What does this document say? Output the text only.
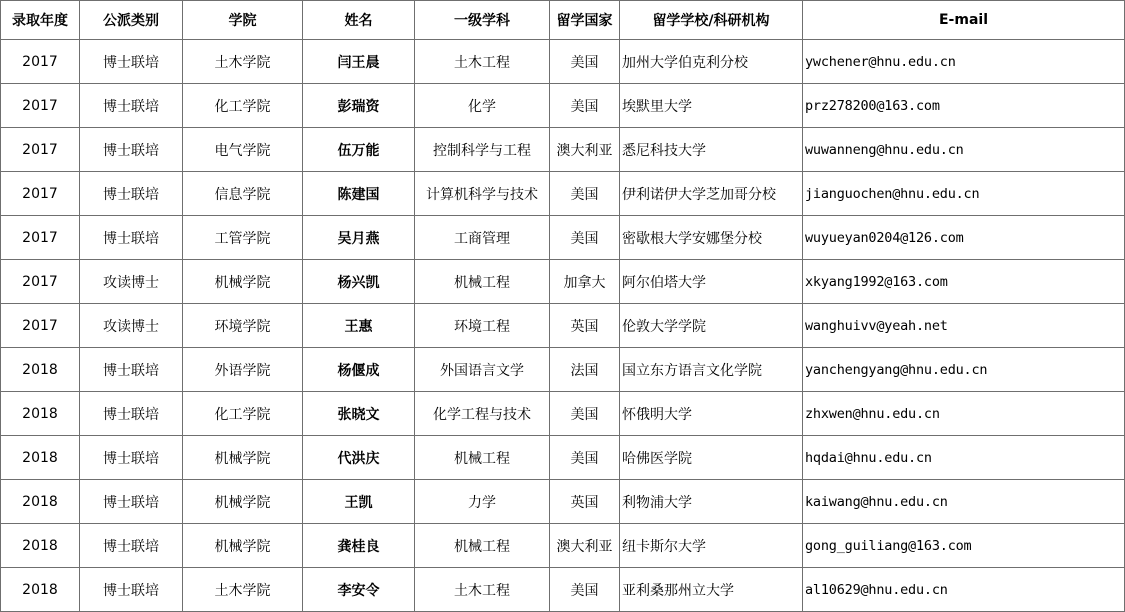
录取年度	公派类别	学院	姓名	一级学科	留学国家	留学学校/科研机构	E-mail
2017	博士联培	土木学院	闫王晨	土木工程	美国	加州大学伯克利分校	ywchener@hnu.edu.cn
2017	博士联培	化工学院	彭瑞资	化学	美国	埃默里大学	prz278200@163.com
2017	博士联培	电气学院	伍万能	控制科学与工程	澳大利亚	悉尼科技大学	wuwanneng@hnu.edu.cn
2017	博士联培	信息学院	陈建国	计算机科学与技术	美国	伊利诺伊大学芝加哥分校	jianguochen@hnu.edu.cn
2017	博士联培	工管学院	吴月燕	工商管理	美国	密歇根大学安娜堡分校	wuyueyan0204@126.com
2017	攻读博士	机械学院	杨兴凯	机械工程	加拿大	阿尔伯塔大学	xkyang1992@163.com
2017	攻读博士	环境学院	王惠	环境工程	英国	伦敦大学学院	wanghuivv@yeah.net
2018	博士联培	外语学院	杨偃成	外国语言文学	法国	国立东方语言文化学院	yanchengyang@hnu.edu.cn
2018	博士联培	化工学院	张晓文	化学工程与技术	美国	怀俄明大学	zhxwen@hnu.edu.cn
2018	博士联培	机械学院	代洪庆	机械工程	美国	哈佛医学院	hqdai@hnu.edu.cn
2018	博士联培	机械学院	王凯	力学	英国	利物浦大学	kaiwang@hnu.edu.cn
2018	博士联培	机械学院	龚桂良	机械工程	澳大利亚	纽卡斯尔大学	gong_guiliang@163.com
2018	博士联培	土木学院	李安令	土木工程	美国	亚利桑那州立大学	al10629@hnu.edu.cn
